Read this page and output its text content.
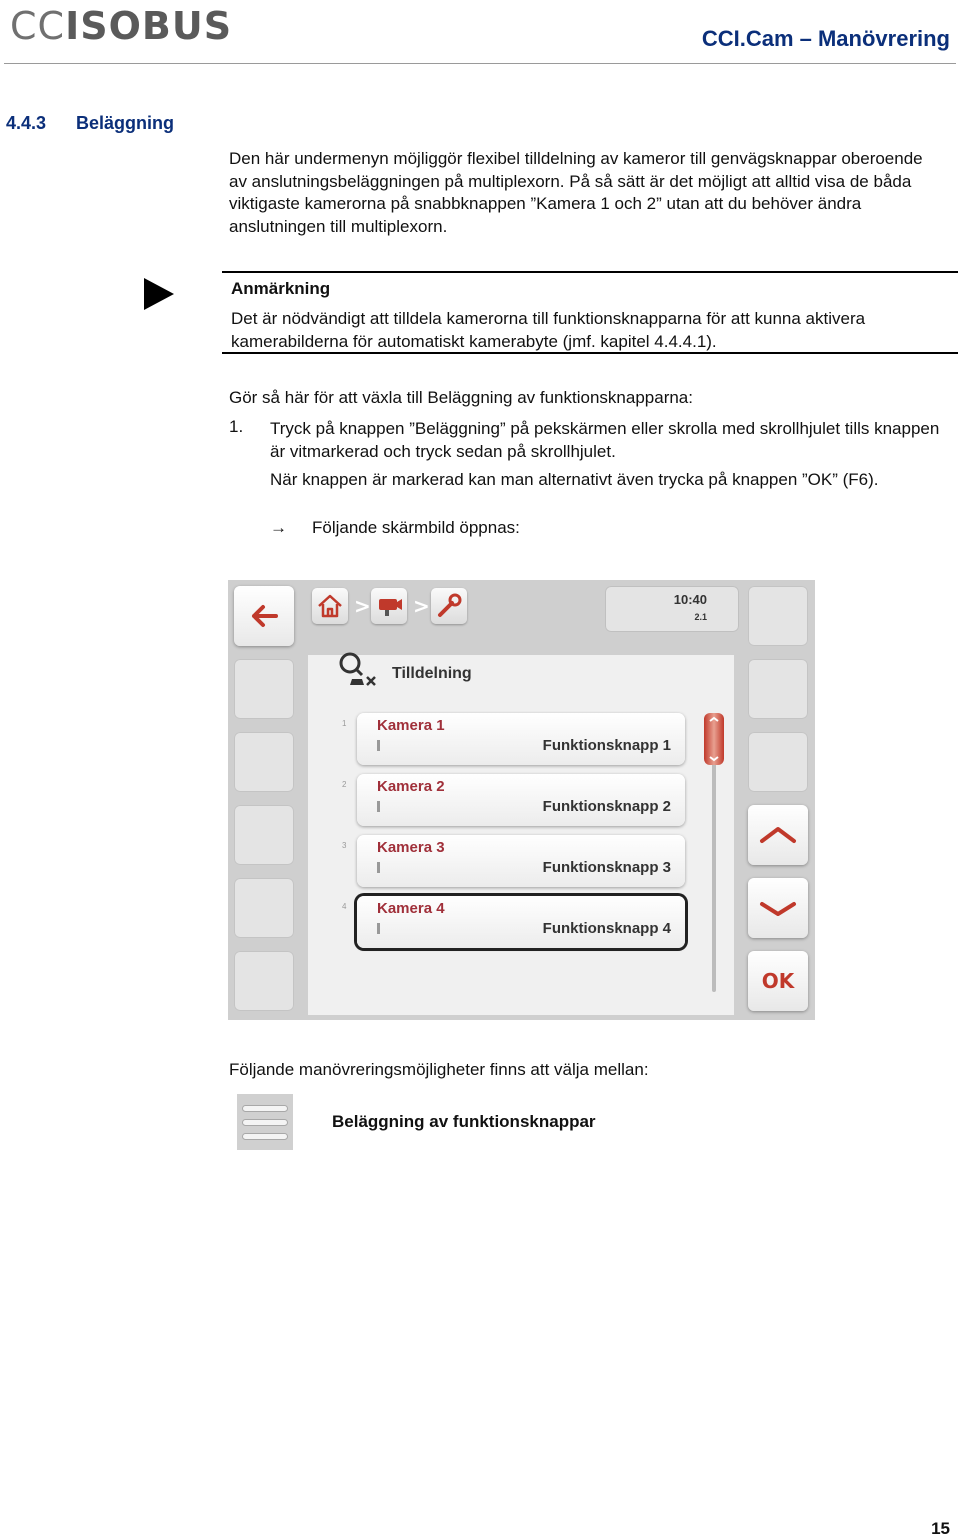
CCISOBUS	CCI.Cam – Manövrering
4.4.3 Beläggning
Den här undermenyn möjliggör flexibel tilldelning av kameror till genvägsknappar oberoende av anslutningsbeläggningen på multiplexorn. På så sätt är det möjligt att alltid visa de båda viktigaste kamerorna på snabbknappen ”Kamera 1 och 2” utan att du behöver ändra anslutningen till multiplexorn.
Anmärkning
Det är nödvändigt att tilldela kamerorna till funktionsknapparna för att kunna aktivera kamerabilderna för automatiskt kamerabyte (jmf. kapitel 4.4.4.1).
Gör så här för att växla till Beläggning av funktionsknapparna:
1. Tryck på knappen ”Beläggning” på pekskärmen eller skrolla med skrollhjulet tills knappen är vitmarkerad och tryck sedan på skrollhjulet.
När knappen är markerad kan man alternativt även trycka på knappen ”OK” (F6).
→ Följande skärmbild öppnas:
OK
> >	10:40
2.1
Tilldelning
1 Kamera 1
Funktionsknapp 1
2 Kamera 2
Funktionsknapp 2
3 Kamera 3
Funktionsknapp 3
4 Kamera 4
Funktionsknapp 4
Följande manövreringsmöjligheter finns att välja mellan:
Beläggning av funktionsknappar
15
